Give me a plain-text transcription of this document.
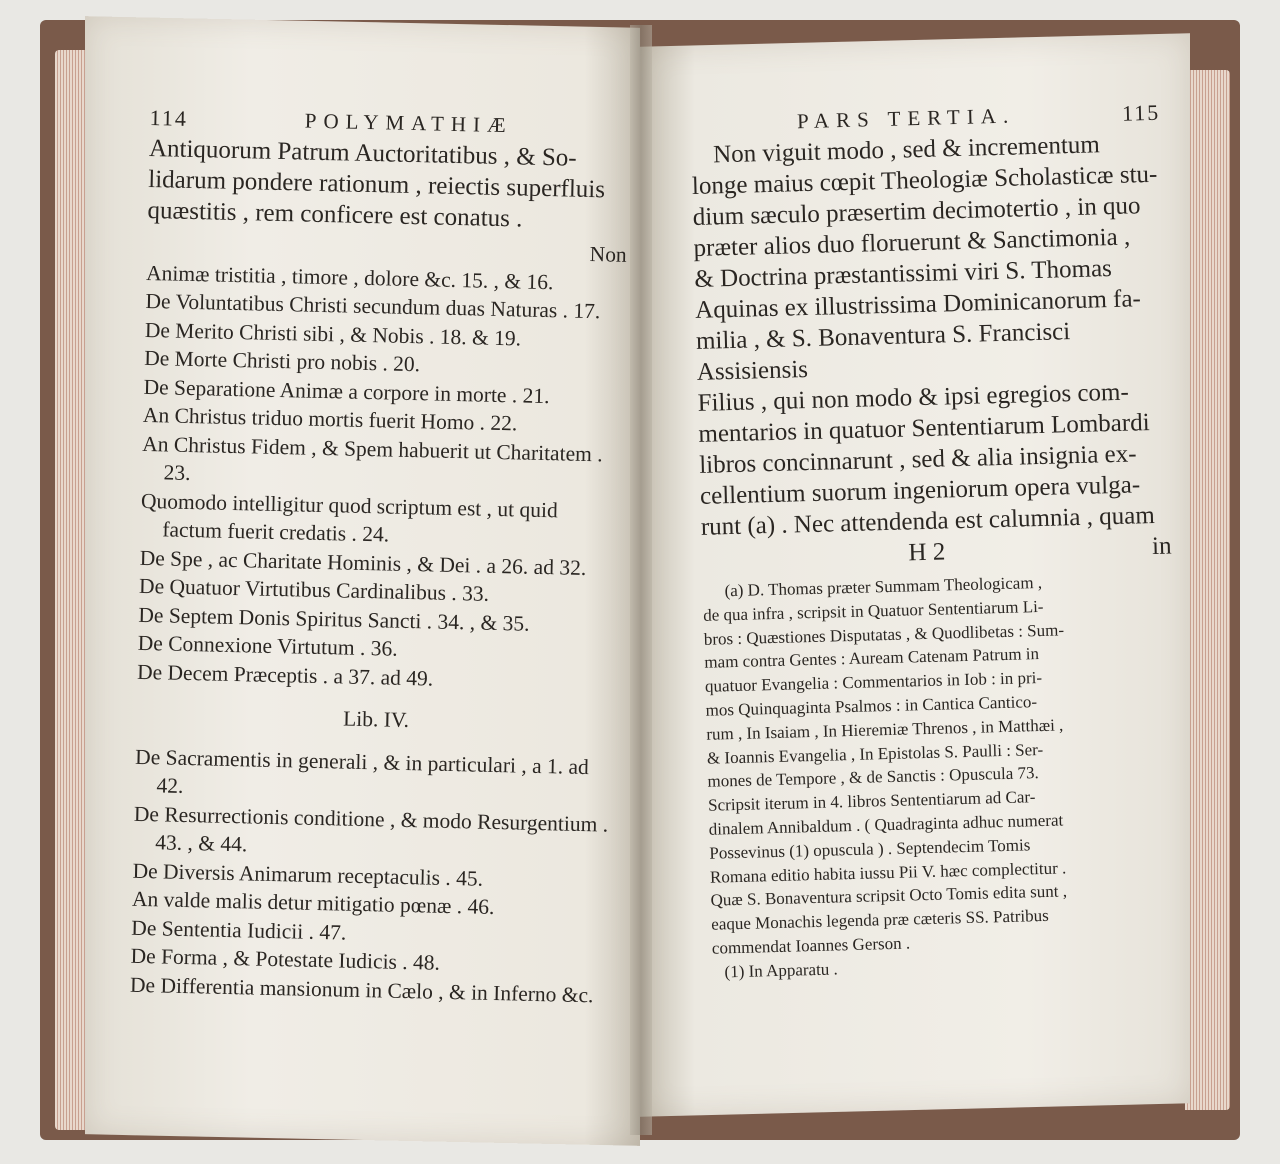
114	POLYMATHIÆ

Antiquorum Patrum Auctoritatibus , & So-

lidarum pondere rationum , reiectis superfluis

quæstitis , rem conficere est conatus .

Non
Animæ tristitia , timore , dolore &c. 15. , & 16.
De Voluntatibus Christi secundum duas Naturas . 17.
De Merito Christi sibi , & Nobis . 18. & 19.
De Morte Christi pro nobis . 20.
De Separatione Animæ a corpore in morte . 21.
An Christus triduo mortis fuerit Homo . 22.
An Christus Fidem , & Spem habuerit ut Charitatem . 23.
Quomodo intelligitur quod scriptum est , ut quid factum fuerit credatis . 24.
De Spe , ac Charitate Hominis , & Dei . a 26. ad 32.
De Quatuor Virtutibus Cardinalibus . 33.
De Septem Donis Spiritus Sancti . 34. , & 35.
De Connexione Virtutum . 36.
De Decem Præceptis . a 37. ad 49.
Lib. IV.
De Sacramentis in generali , & in particulari , a 1. ad 42.
De Resurrectionis conditione , & modo Resurgentium . 43. , & 44.
De Diversis Animarum receptaculis . 45.
An valde malis detur mitigatio pœnæ . 46.
De Sententia Iudicii . 47.
De Forma , & Potestate Iudicis . 48.
De Differentia mansionum in Cælo , & in Inferno &c.
PARS TERTIA.	115

Non viguit modo , sed & incrementum

longe maius cœpit Theologiæ Scholasticæ stu-

dium sæculo præsertim decimotertio , in quo

præter alios duo floruerunt & Sanctimonia ,

& Doctrina præstantissimi viri S. Thomas

Aquinas ex illustrissima Dominicanorum fa-

milia , & S. Bonaventura S. Francisci Assisiensis

Filius , qui non modo & ipsi egregios com-

mentarios in quatuor Sententiarum Lombardi

libros concinnarunt , sed & alia insignia ex-

cellentium suorum ingeniorum opera vulga-

runt (a) . Nec attendenda est calumnia , quam

H 2	in

(a) D. Thomas præter Summam Theologicam ,

de qua infra , scripsit in Quatuor Sententiarum Li-

bros : Quæstiones Disputatas , & Quodlibetas : Sum-

mam contra Gentes : Auream Catenam Patrum in

quatuor Evangelia : Commentarios in Iob : in pri-

mos Quinquaginta Psalmos : in Cantica Cantico-

rum , In Isaiam , In Hieremiæ Threnos , in Matthæi ,

& Ioannis Evangelia , In Epistolas S. Paulli : Ser-

mones de Tempore , & de Sanctis : Opuscula 73.

Scripsit iterum in 4. libros Sententiarum ad Car-

dinalem Annibaldum . ( Quadraginta adhuc numerat

Possevinus (1) opuscula ) . Septendecim Tomis

Romana editio habita iussu Pii V. hæc complectitur .

Quæ S. Bonaventura scripsit Octo Tomis edita sunt ,

eaque Monachis legenda præ cæteris SS. Patribus

commendat Ioannes Gerson .

(1) In Apparatu .
